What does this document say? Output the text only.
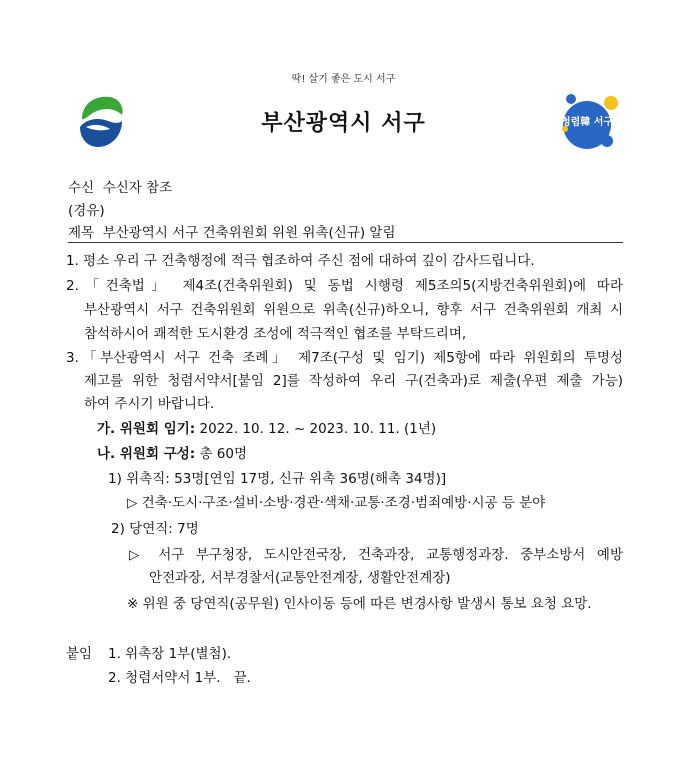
딱! 살기 좋은 도시 서구
부산광역시 서구	청렴韓 서구
수신 수신자 참조
(경유)
제목 부산광역시 서구 건축위원회 위원 위촉(신규) 알림
1. 평소 우리 구 건축행정에 적극 협조하여 주신 점에 대하여 깊이 감사드립니다.
2.「건축법」 제4조(건축위원회) 및 동법 시행령 제5조의5(지방건축위원회)에 따라
부산광역시 서구 건축위원회 위원으로 위촉(신규)하오니, 향후 서구 건축위원회 개최 시
참석하시어 쾌적한 도시환경 조성에 적극적인 협조를 부탁드리며,
3.「부산광역시 서구 건축 조례」 제7조(구성 및 임기) 제5항에 따라 위원회의 투명성
제고를 위한 청렴서약서[붙임 2]를 작성하여 우리 구(건축과)로 제출(우편 제출 가능)
하여 주시기 바랍니다.
가. 위원회 임기: 2022. 10. 12. ~ 2023. 10. 11. (1년)
나. 위원회 구성: 총 60명
1) 위촉직: 53명[연임 17명, 신규 위촉 36명(해촉 34명)]
▷ 건축·도시·구조·설비·소방·경관·색채·교통·조경·범죄예방·시공 등 분야
2) 당연직: 7명
▷ 서구 부구청장, 도시안전국장, 건축과장, 교통행정과장. 중부소방서 예방
안전과장, 서부경찰서(교통안전계장, 생활안전계장)
※ 위원 중 당연직(공무원) 인사이동 등에 따른 변경사항 발생시 통보 요청 요망.
붙임 1. 위촉장 1부(별첨).
2. 청렴서약서 1부.   끝.
